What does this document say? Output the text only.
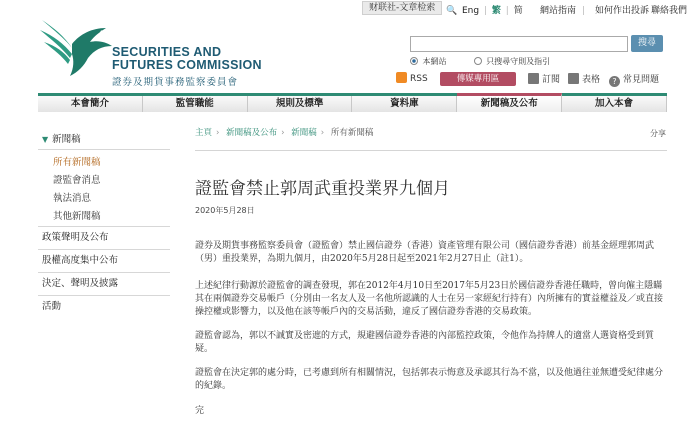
财联社-文章检索	🔍 Eng | 繁 | 简 網站指南 | 如何作出投訴 聯絡我們
SECURITIES AND
FUTURES COMMISSION
證券及期貨事務監察委員會
搜尋
本網站	只搜尋守則及指引
RSS	傳媒專用區	訂閱	表格	? 常見問題
本會簡介	監管職能	規則及標準	資料庫	新聞稿及公布	加入本會
▼ 新聞稿
所有新聞稿
證監會消息
執法消息
其他新聞稿
政策聲明及公布
股權高度集中公布
決定、聲明及披露
活動
主頁 › 新聞稿及公布 › 新聞稿 › 所有新聞稿	分享
證監會禁止郭周武重投業界九個月
2020年5月28日
證券及期貨事務監察委員會（證監會）禁止國信證券（香港）資產管理有限公司（國信證券香港）前基金經理郭周武（男）重投業界，為期九個月，由2020年5月28日起至2021年2月27日止（註1）。
上述紀律行動源於證監會的調查發現，郭在2012年4月10日至2017年5月23日於國信證券香港任職時，曾向僱主隱瞞其在兩個證券交易帳戶（分別由一名友人及一名他所認識的人士在另一家經紀行持有）內所擁有的實益權益及／或直接操控權或影響力，以及他在該等帳戶內的交易活動，違反了國信證券香港的交易政策。
證監會認為，郭以不誠實及密遮的方式，規避國信證券香港的內部監控政策，令他作為持牌人的適當人選資格受到質疑。
證監會在決定郭的處分時，已考慮到所有相關情況，包括郭表示悔意及承認其行為不當，以及他過往並無遭受紀律處分的紀錄。
完
